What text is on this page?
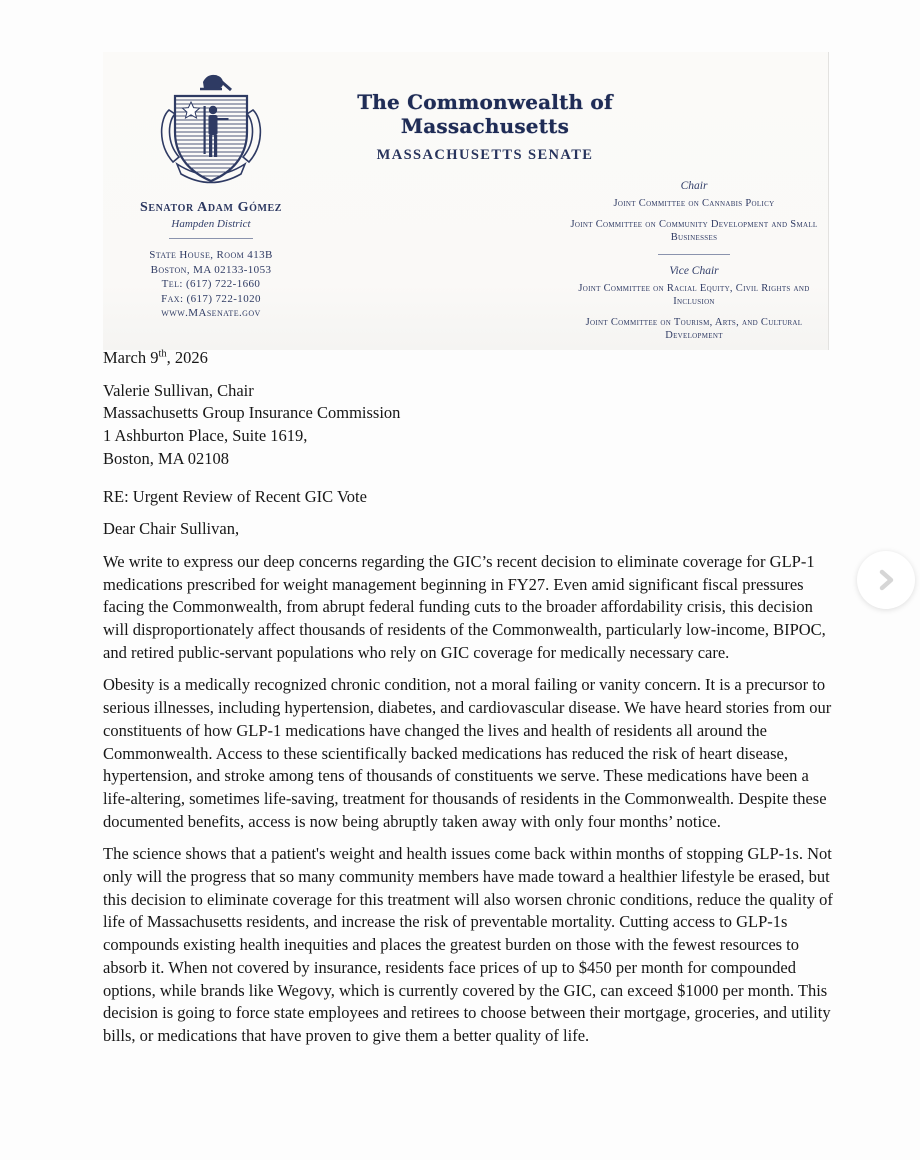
Senator Adam Gómez
Hampden District
State House, Room 413B
Boston, MA 02133-1053
Tel: (617) 722-1660
Fax: (617) 722-1020
www.MAsenate.gov
The Commonwealth of Massachusetts
MASSACHUSETTS SENATE
Chair
Joint Committee on Cannabis Policy
Joint Committee on Community Development and Small Businesses
Vice Chair
Joint Committee on Racial Equity, Civil Rights and Inclusion
Joint Committee on Tourism, Arts, and Cultural Development
March 9th, 2026
Valerie Sullivan, Chair
Massachusetts Group Insurance Commission
1 Ashburton Place, Suite 1619,
Boston, MA 02108
RE: Urgent Review of Recent GIC Vote
Dear Chair Sullivan,

We write to express our deep concerns regarding the GIC’s recent decision to eliminate coverage for GLP-1 medications prescribed for weight management beginning in FY27. Even amid significant fiscal pressures facing the Commonwealth, from abrupt federal funding cuts to the broader affordability crisis, this decision will disproportionately affect thousands of residents of the Commonwealth, particularly low-income, BIPOC, and retired public-servant populations who rely on GIC coverage for medically necessary care.

Obesity is a medically recognized chronic condition, not a moral failing or vanity concern. It is a precursor to serious illnesses, including hypertension, diabetes, and cardiovascular disease. We have heard stories from our constituents of how GLP-1 medications have changed the lives and health of residents all around the Commonwealth. Access to these scientifically backed medications has reduced the risk of heart disease, hypertension, and stroke among tens of thousands of constituents we serve. These medications have been a life-altering, sometimes life-saving, treatment for thousands of residents in the Commonwealth. Despite these documented benefits, access is now being abruptly taken away with only four months’ notice.

The science shows that a patient's weight and health issues come back within months of stopping GLP-1s. Not only will the progress that so many community members have made toward a healthier lifestyle be erased, but this decision to eliminate coverage for this treatment will also worsen chronic conditions, reduce the quality of life of Massachusetts residents, and increase the risk of preventable mortality. Cutting access to GLP-1s compounds existing health inequities and places the greatest burden on those with the fewest resources to absorb it. When not covered by insurance, residents face prices of up to $450 per month for compounded options, while brands like Wegovy, which is currently covered by the GIC, can exceed $1000 per month. This decision is going to force state employees and retirees to choose between their mortgage, groceries, and utility bills, or medications that have proven to give them a better quality of life.
